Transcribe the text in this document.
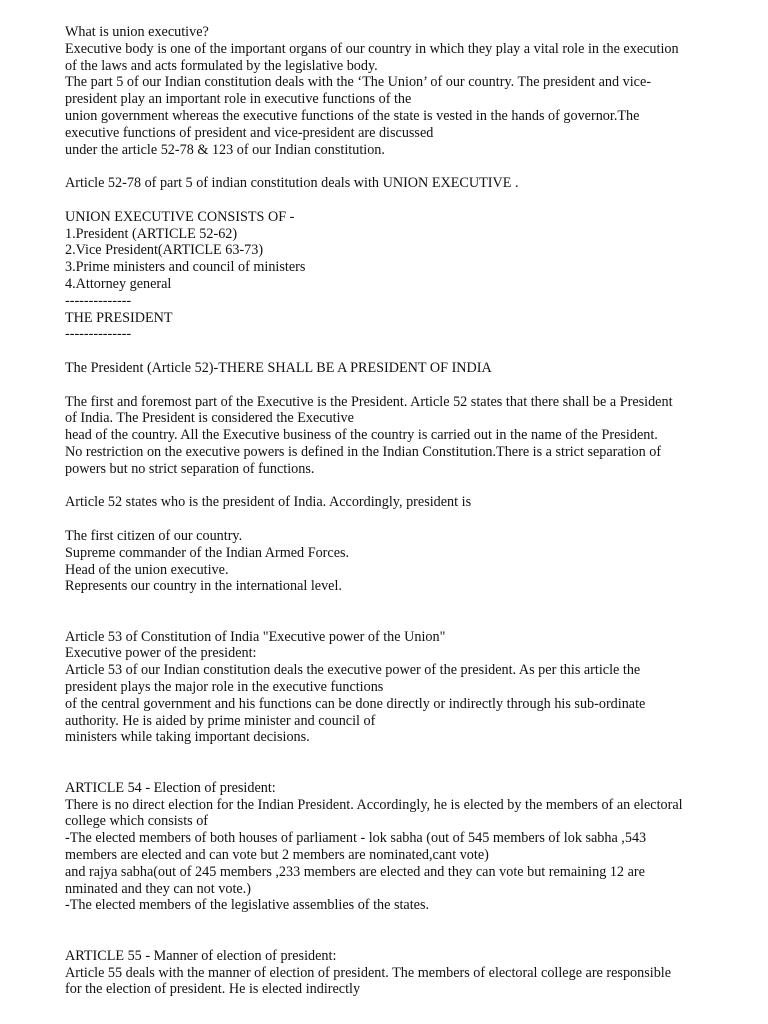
What is union executive?
Executive body is one of the important organs of our country in which they play a vital role in the execution
of the laws and acts formulated by the legislative body.
The part 5 of our Indian constitution deals with the ‘The Union’ of our country. The president and vice-
president play an important role in executive functions of the
union government whereas the executive functions of the state is vested in the hands of governor.The
executive functions of president and vice-president are discussed
under the article 52-78 & 123 of our Indian constitution.
Article 52-78 of part 5 of indian constitution deals with UNION EXECUTIVE .
UNION EXECUTIVE CONSISTS OF -
1.President (ARTICLE 52-62)
2.Vice President(ARTICLE 63-73)
3.Prime ministers and council of ministers
4.Attorney general
--------------
THE PRESIDENT
--------------
The President (Article 52)-THERE SHALL BE A PRESIDENT OF INDIA
The first and foremost part of the Executive is the President. Article 52 states that there shall be a President
of India. The President is considered the Executive
head of the country. All the Executive business of the country is carried out in the name of the President.
No restriction on the executive powers is defined in the Indian Constitution.There is a strict separation of
powers but no strict separation of functions.
Article 52 states who is the president of India. Accordingly, president is
The first citizen of our country.
Supreme commander of the Indian Armed Forces.
Head of the union executive.
Represents our country in the international level.
Article 53 of Constitution of India "Executive power of the Union"
Executive power of the president:
Article 53 of our Indian constitution deals the executive power of the president. As per this article the
president plays the major role in the executive functions
of the central government and his functions can be done directly or indirectly through his sub-ordinate
authority. He is aided by prime minister and council of
ministers while taking important decisions.
ARTICLE 54 - Election of president:
There is no direct election for the Indian President. Accordingly, he is elected by the members of an electoral
college which consists of
-The elected members of both houses of parliament - lok sabha (out of 545 members of lok sabha ,543
members are elected and can vote but 2 members are nominated,cant vote)
and rajya sabha(out of 245 members ,233 members are elected and they can vote but remaining 12 are
nminated and they can not vote.)
-The elected members of the legislative assemblies of the states.
ARTICLE 55 - Manner of election of president:
Article 55 deals with the manner of election of president. The members of electoral college are responsible
for the election of president. He is elected indirectly
